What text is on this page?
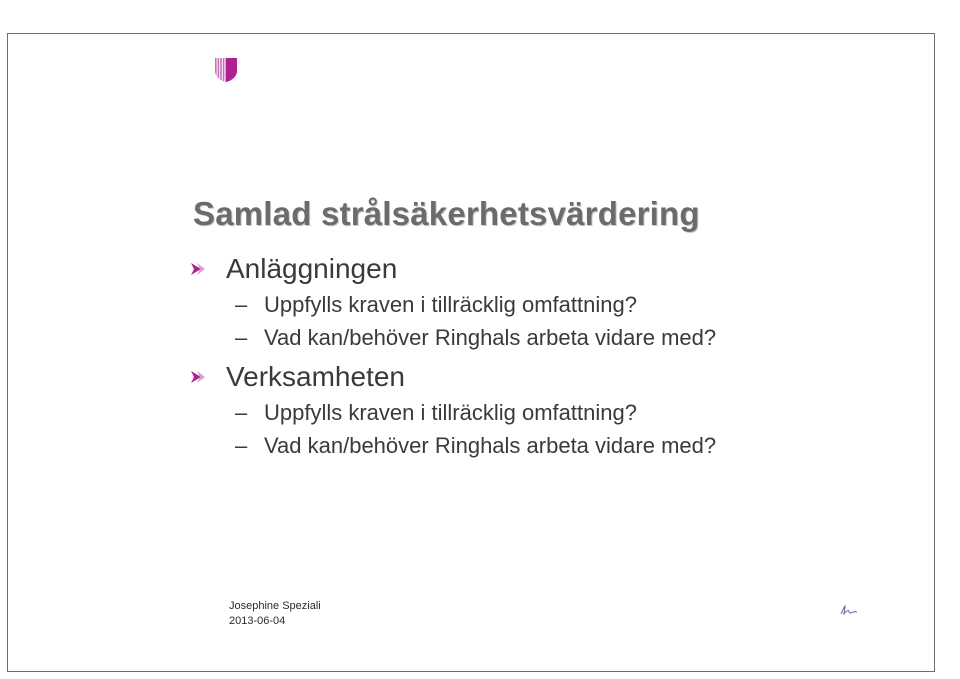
Samlad strålsäkerhetsvärdering
Anläggningen
– Uppfylls kraven i tillräcklig omfattning?
– Vad kan/behöver Ringhals arbeta vidare med?
Verksamheten
– Uppfylls kraven i tillräcklig omfattning?
– Vad kan/behöver Ringhals arbeta vidare med?
Josephine Speziali
2013-06-04
